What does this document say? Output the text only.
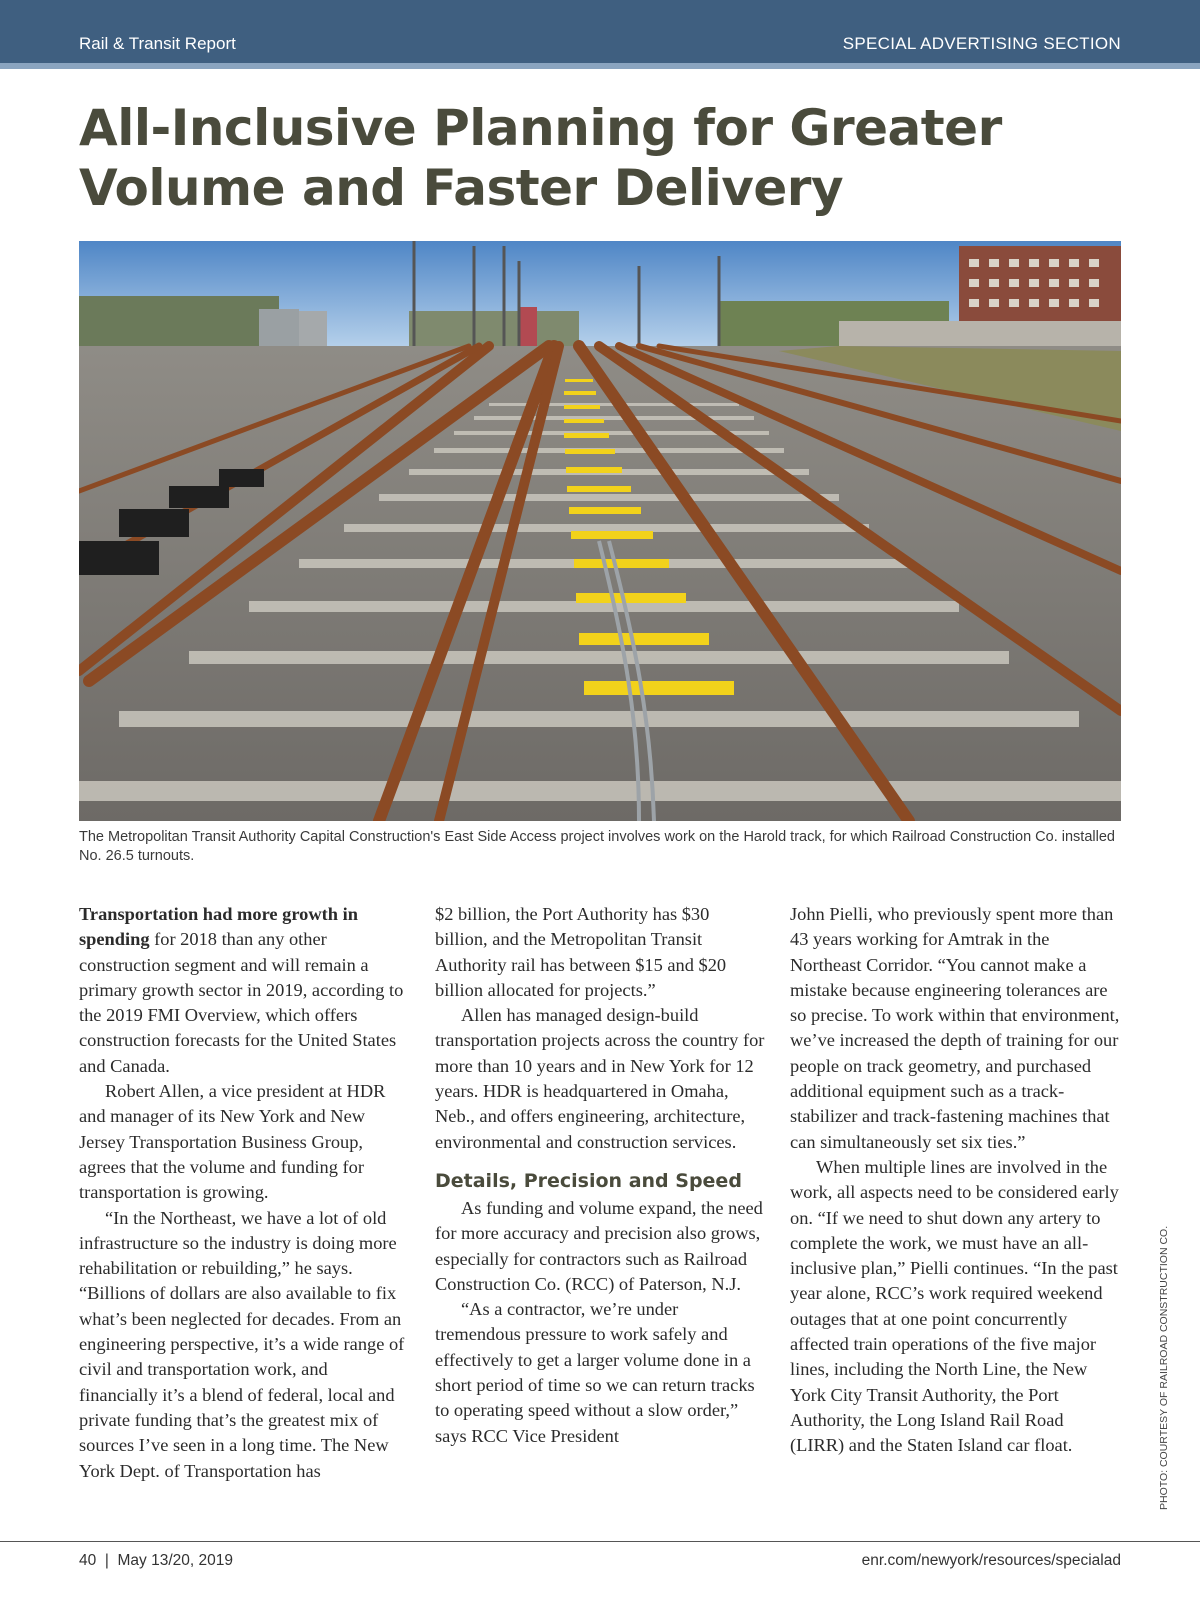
Rail & Transit Report	SPECIAL ADVERTISING SECTION
All-Inclusive Planning for Greater Volume and Faster Delivery
The Metropolitan Transit Authority Capital Construction's East Side Access project involves work on the Harold track, for which Railroad Construction Co. installed No. 26.5 turnouts.

Transportation had more growth in spending for 2018 than any other construction segment and will remain a primary growth sector in 2019, according to the 2019 FMI Overview, which offers construction forecasts for the United States and Canada.

Robert Allen, a vice president at HDR and manager of its New York and New Jersey Transportation Business Group, agrees that the volume and funding for transportation is growing.

“In the Northeast, we have a lot of old infrastructure so the industry is doing more rehabilitation or rebuilding,” he says. “Billions of dollars are also available to fix what’s been neglected for decades. From an engineering perspective, it’s a wide range of civil and transportation work, and financially it’s a blend of federal, local and private funding that’s the greatest mix of sources I’ve seen in a long time. The New York Dept. of Transportation has

$2 billion, the Port Authority has $30 billion, and the Metropolitan Transit Authority rail has between $15 and $20 billion allocated for projects.”

Allen has managed design-build transportation projects across the country for more than 10 years and in New York for 12 years. HDR is headquartered in Omaha, Neb., and offers engineering, architecture, environmental and construction services.

Details, Precision and Speed

As funding and volume expand, the need for more accuracy and precision also grows, especially for contractors such as Railroad Construction Co. (RCC) of Paterson, N.J.

“As a contractor, we’re under tremendous pressure to work safely and effectively to get a larger volume done in a short period of time so we can return tracks to operating speed without a slow order,” says RCC Vice President

John Pielli, who previously spent more than 43 years working for Amtrak in the Northeast Corridor. “You cannot make a mistake because engineering tolerances are so precise. To work within that environment, we’ve increased the depth of training for our people on track geometry, and purchased additional equipment such as a track-stabilizer and track-fastening machines that can simultaneously set six ties.”

When multiple lines are involved in the work, all aspects need to be considered early on. “If we need to shut down any artery to complete the work, we must have an all-inclusive plan,” Pielli continues. “In the past year alone, RCC’s work required weekend outages that at one point concurrently affected train operations of the five major lines, including the North Line, the New York City Transit Authority, the Port Authority, the Long Island Rail Road (LIRR) and the Staten Island car float.	PHOTO: COURTESY OF RAILROAD CONSTRUCTION CO.
40  |  May 13/20, 2019	enr.com/newyork/resources/specialad
